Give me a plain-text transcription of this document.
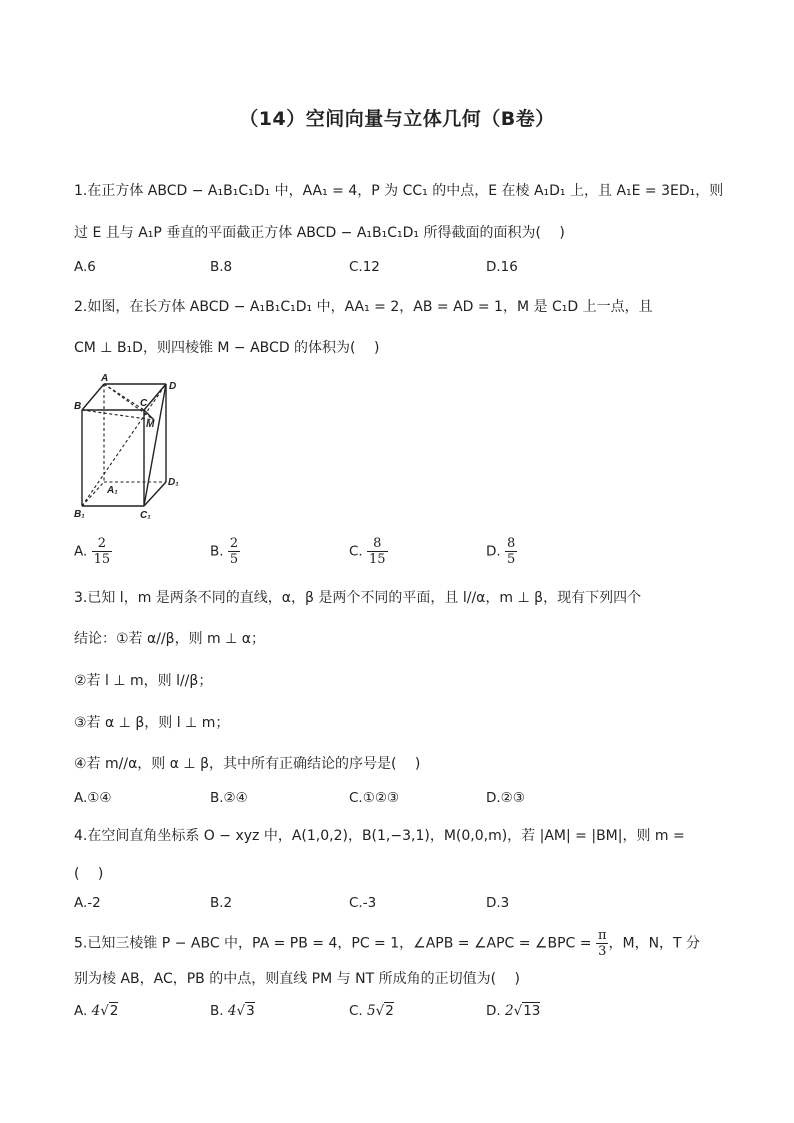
（14）空间向量与立体几何（B卷）
1.在正方体 ABCD − A₁B₁C₁D₁ 中，AA₁ = 4，P 为 CC₁ 的中点，E 在棱 A₁D₁ 上，且 A₁E = 3ED₁，则
过 E 且与 A₁P 垂直的平面截正方体 ABCD − A₁B₁C₁D₁ 所得截面的面积为(　 )
A.6	B.8	C.12	D.16
2.如图，在长方体 ABCD − A₁B₁C₁D₁ 中，AA₁ = 2，AB = AD = 1，M 是 C₁D 上一点，且
CM ⊥ B₁D，则四棱锥 M − ABCD 的体积为(　 )
A
B	C
D
M
A₁
B₁	C₁
D₁
A. $\frac{2}{15}$	B. $\frac{2}{5}$	C. $\frac{8}{15}$	D. $\frac{8}{5}$
3.已知 l，m 是两条不同的直线，α，β 是两个不同的平面，且 l//α，m ⊥ β，现有下列四个
结论：①若 α//β，则 m ⊥ α；
②若 l ⊥ m，则 l//β；
③若 α ⊥ β，则 l ⊥ m；
④若 m//α，则 α ⊥ β，其中所有正确结论的序号是(　 )
A.①④	B.②④	C.①②③	D.②③
4.在空间直角坐标系 O − xyz 中，A(1,0,2)，B(1,−3,1)，M(0,0,m)，若 |AM| = |BM|，则 m =
(　 )
A.-2	B.2	C.-3	D.3
5.已知三棱锥 P − ABC 中，PA = PB = 4，PC = 1，∠APB = ∠APC = ∠BPC = $\frac{\pi}{3}$ ，M，N，T 分
别为棱 AB，AC，PB 的中点，则直线 PM 与 NT 所成角的正切值为(　 )
A. 4√2	B. 4√3	C. 5√2	D. 2√13
